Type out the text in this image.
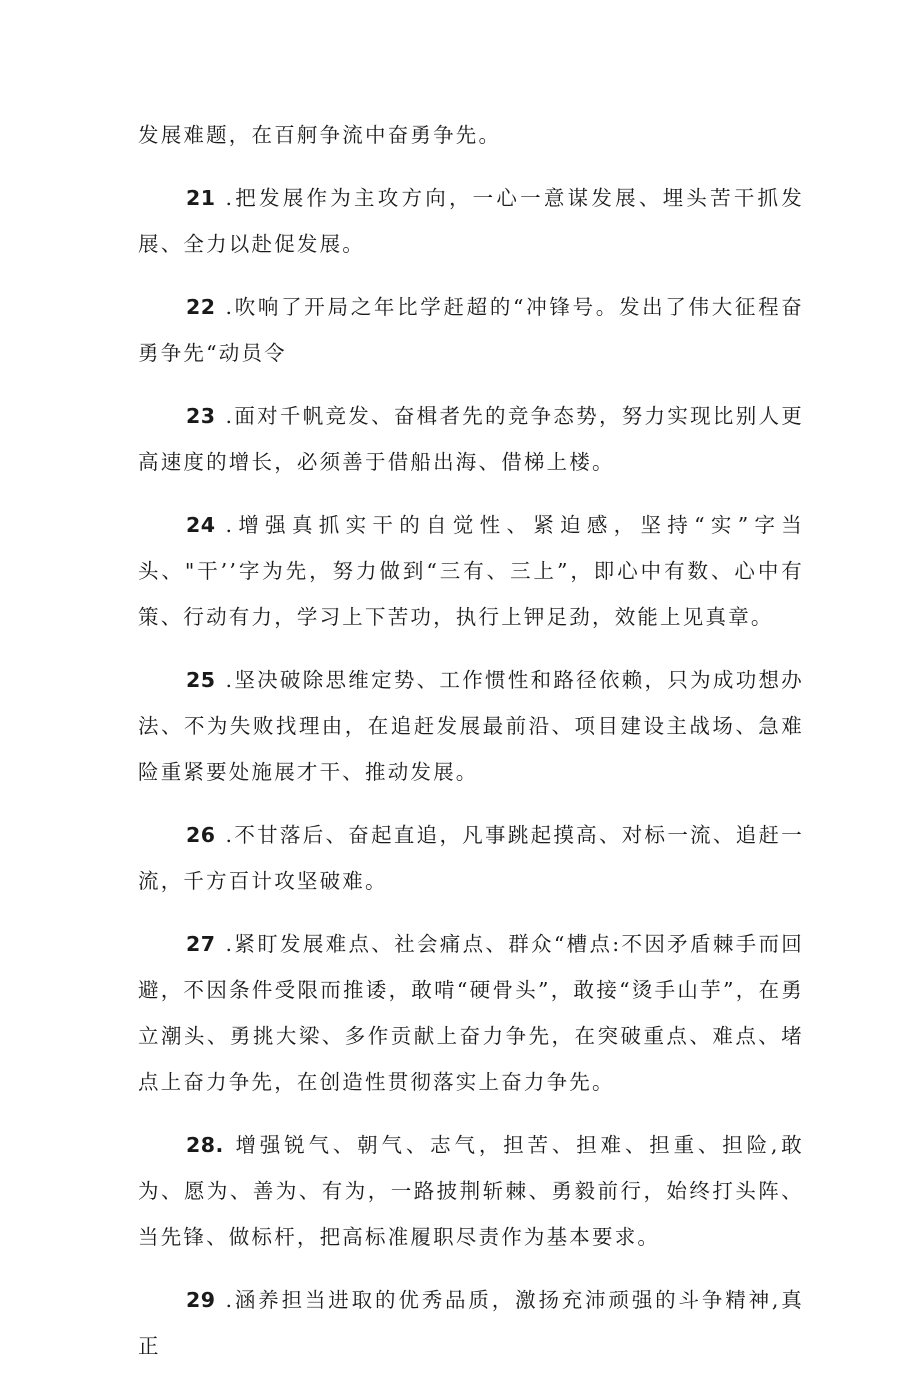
发展难题，在百舸争流中奋勇争先。

21 .把发展作为主攻方向，一心一意谋发展、埋头苦干抓发展、全力以赴促发展。

22 .吹响了开局之年比学赶超的“冲锋号。发出了伟大征程奋勇争先“动员令

23 .面对千帆竞发、奋楫者先的竞争态势，努力实现比别人更高速度的增长，必须善于借船出海、借梯上楼。

24 .增强真抓实干的自觉性、紧迫感，坚持“实”字当头、"干’’字为先，努力做到“三有、三上”，即心中有数、心中有策、行动有力，学习上下苦功，执行上钾足劲，效能上见真章。

25 .坚决破除思维定势、工作惯性和路径依赖，只为成功想办法、不为失败找理由，在追赶发展最前沿、项目建设主战场、急难险重紧要处施展才干、推动发展。

26 .不甘落后、奋起直追，凡事跳起摸高、对标一流、追赶一流，千方百计攻坚破难。

27 .紧盯发展难点、社会痛点、群众“槽点:不因矛盾棘手而回避，不因条件受限而推诿，敢啃“硬骨头”，敢接“烫手山芋”，在勇立潮头、勇挑大梁、多作贡献上奋力争先，在突破重点、难点、堵点上奋力争先，在创造性贯彻落实上奋力争先。

28. 增强锐气、朝气、志气，担苦、担难、担重、担险,敢为、愿为、善为、有为，一路披荆斩棘、勇毅前行，始终打头阵、当先锋、做标杆，把高标准履职尽责作为基本要求。

29 .涵养担当进取的优秀品质，激扬充沛顽强的斗争精神,真正
